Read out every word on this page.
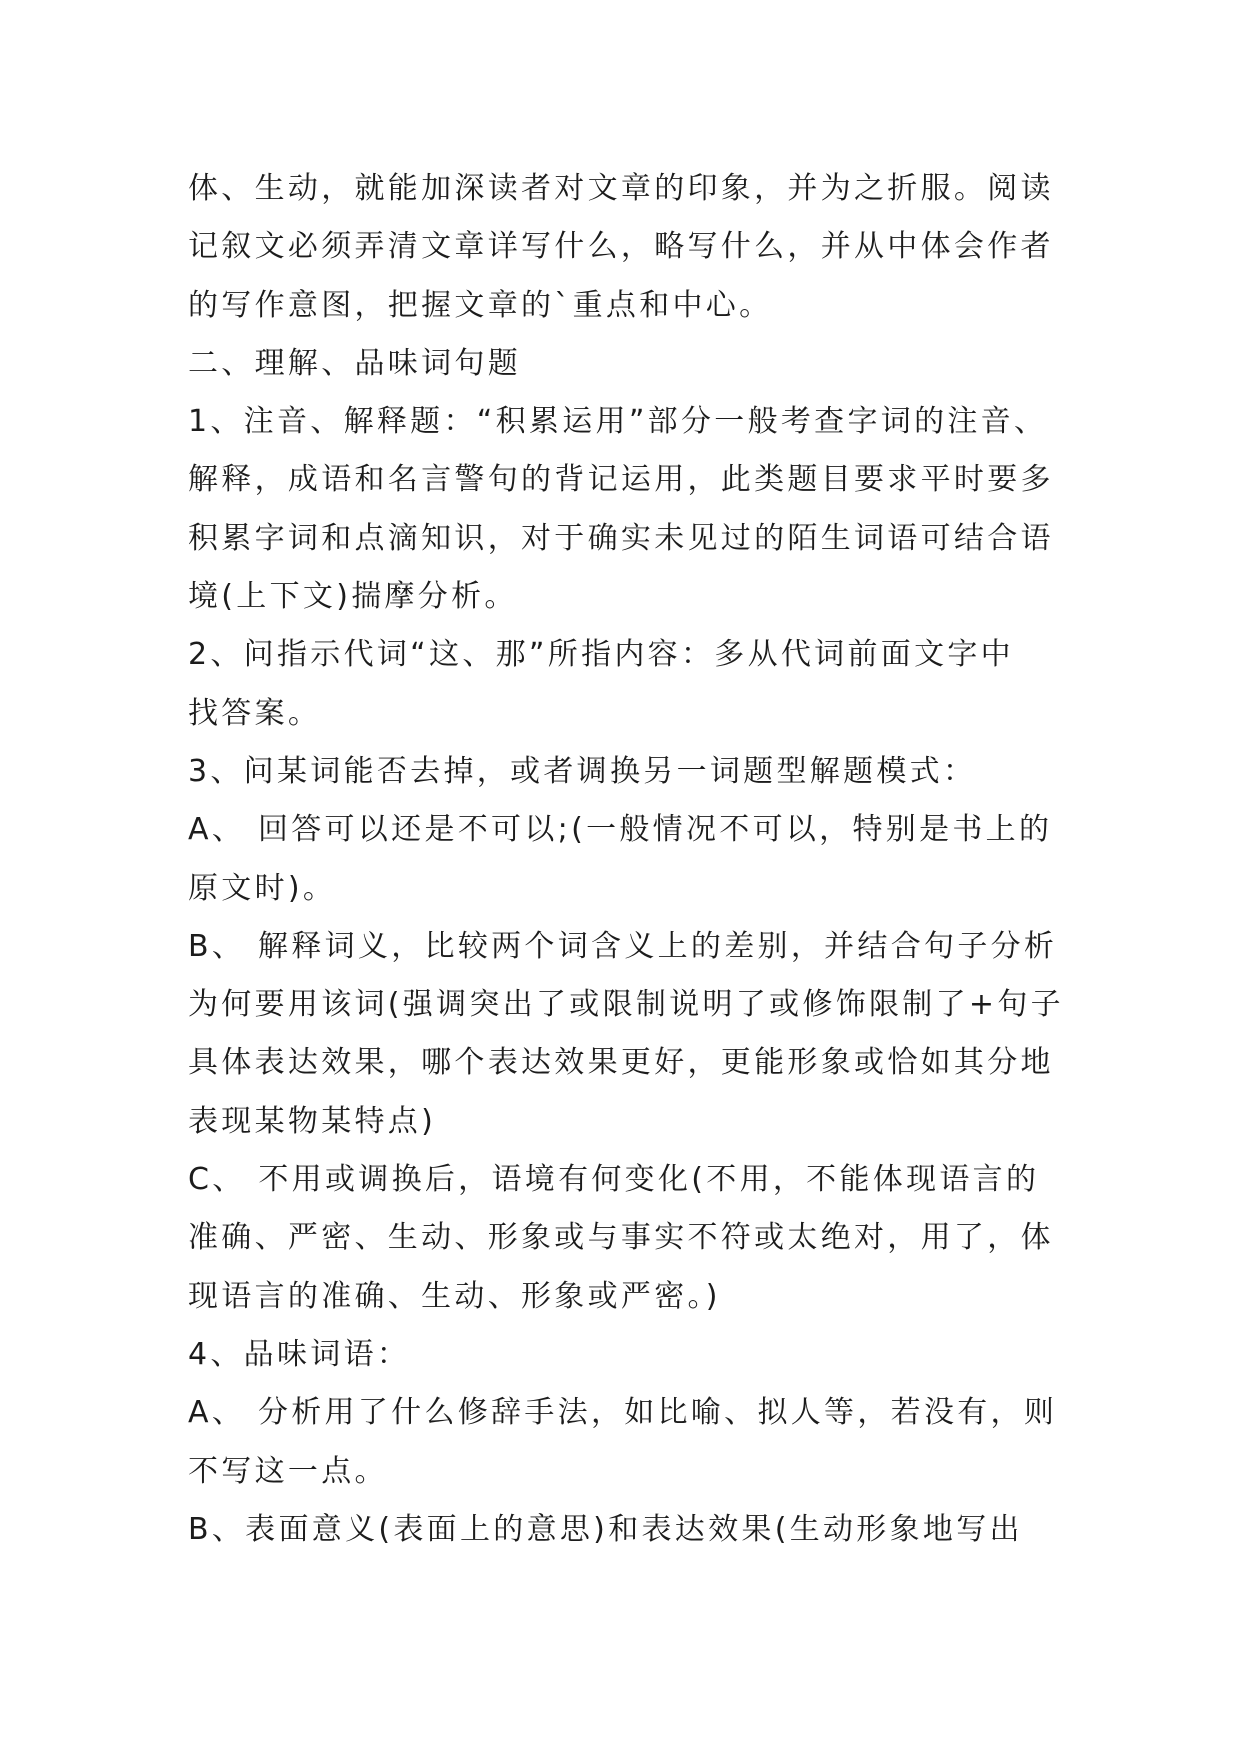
体、生动，就能加深读者对文章的印象，并为之折服。阅读
记叙文必须弄清文章详写什么，略写什么，并从中体会作者
的写作意图，把握文章的`重点和中心。
二、理解、品味词句题
1、注音、解释题：“积累运用”部分一般考查字词的注音、
解释，成语和名言警句的背记运用，此类题目要求平时要多
积累字词和点滴知识，对于确实未见过的陌生词语可结合语
境(上下文)揣摩分析。
2、问指示代词“这、那”所指内容：多从代词前面文字中
找答案。
3、问某词能否去掉，或者调换另一词题型解题模式：
A、 回答可以还是不可以;(一般情况不可以，特别是书上的
原文时)。
B、 解释词义，比较两个词含义上的差别，并结合句子分析
为何要用该词(强调突出了或限制说明了或修饰限制了+句子
具体表达效果，哪个表达效果更好，更能形象或恰如其分地
表现某物某特点)
C、 不用或调换后，语境有何变化(不用，不能体现语言的
准确、严密、生动、形象或与事实不符或太绝对，用了，体
现语言的准确、生动、形象或严密。)
4、品味词语：
A、 分析用了什么修辞手法，如比喻、拟人等，若没有，则
不写这一点。
B、表面意义(表面上的意思)和表达效果(生动形象地写出
